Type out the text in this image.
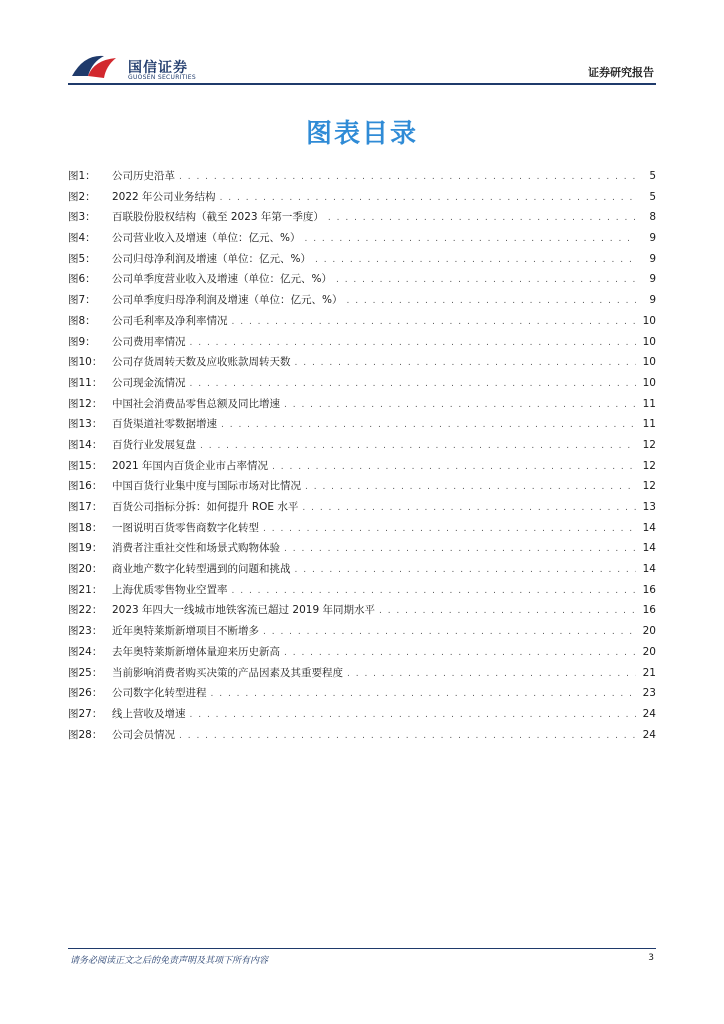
国信证券
GUOSEN SECURITIES	证券研究报告
图表目录
图1：	公司历史沿革 . . .	5
图2：	2022 年公司业务结构 . . .	5
图3：	百联股份股权结构（截至 2023 年第一季度） . . .	8
图4：	公司营业收入及增速（单位：亿元、%） . . .	9
图5：	公司归母净利润及增速（单位：亿元、%） . . .	9
图6：	公司单季度营业收入及增速（单位：亿元、%） . . .	9
图7：	公司单季度归母净利润及增速（单位：亿元、%） . . .	9
图8：	公司毛利率及净利率情况 . . .	10
图9：	公司费用率情况 . . .	10
图10： 公司存货周转天数及应收账款周转天数 . . .	10
图11： 公司现金流情况 . . .	10
图12： 中国社会消费品零售总额及同比增速 . . .	11
图13： 百货渠道社零数据增速 . . .	11
图14： 百货行业发展复盘 . . .	12
图15： 2021 年国内百货企业市占率情况 . . .	12
图16： 中国百货行业集中度与国际市场对比情况 . . .	12
图17： 百货公司指标分拆：如何提升 ROE 水平 . . .	13
图18： 一图说明百货零售商数字化转型 . . .	14
图19： 消费者注重社交性和场景式购物体验 . . .	14
图20： 商业地产数字化转型遇到的问题和挑战 . . .	14
图21： 上海优质零售物业空置率 . . .	16
图22： 2023 年四大一线城市地铁客流已超过 2019 年同期水平 . . .	16
图23： 近年奥特莱斯新增项目不断增多 . . .	20
图24： 去年奥特莱斯新增体量迎来历史新高 . . .	20
图25： 当前影响消费者购买决策的产品因素及其重要程度 . . .	21
图26： 公司数字化转型进程 . . .	23
图27： 线上营收及增速 . . .	24
图28： 公司会员情况 . . .	24
请务必阅读正文之后的免责声明及其项下所有内容	3
